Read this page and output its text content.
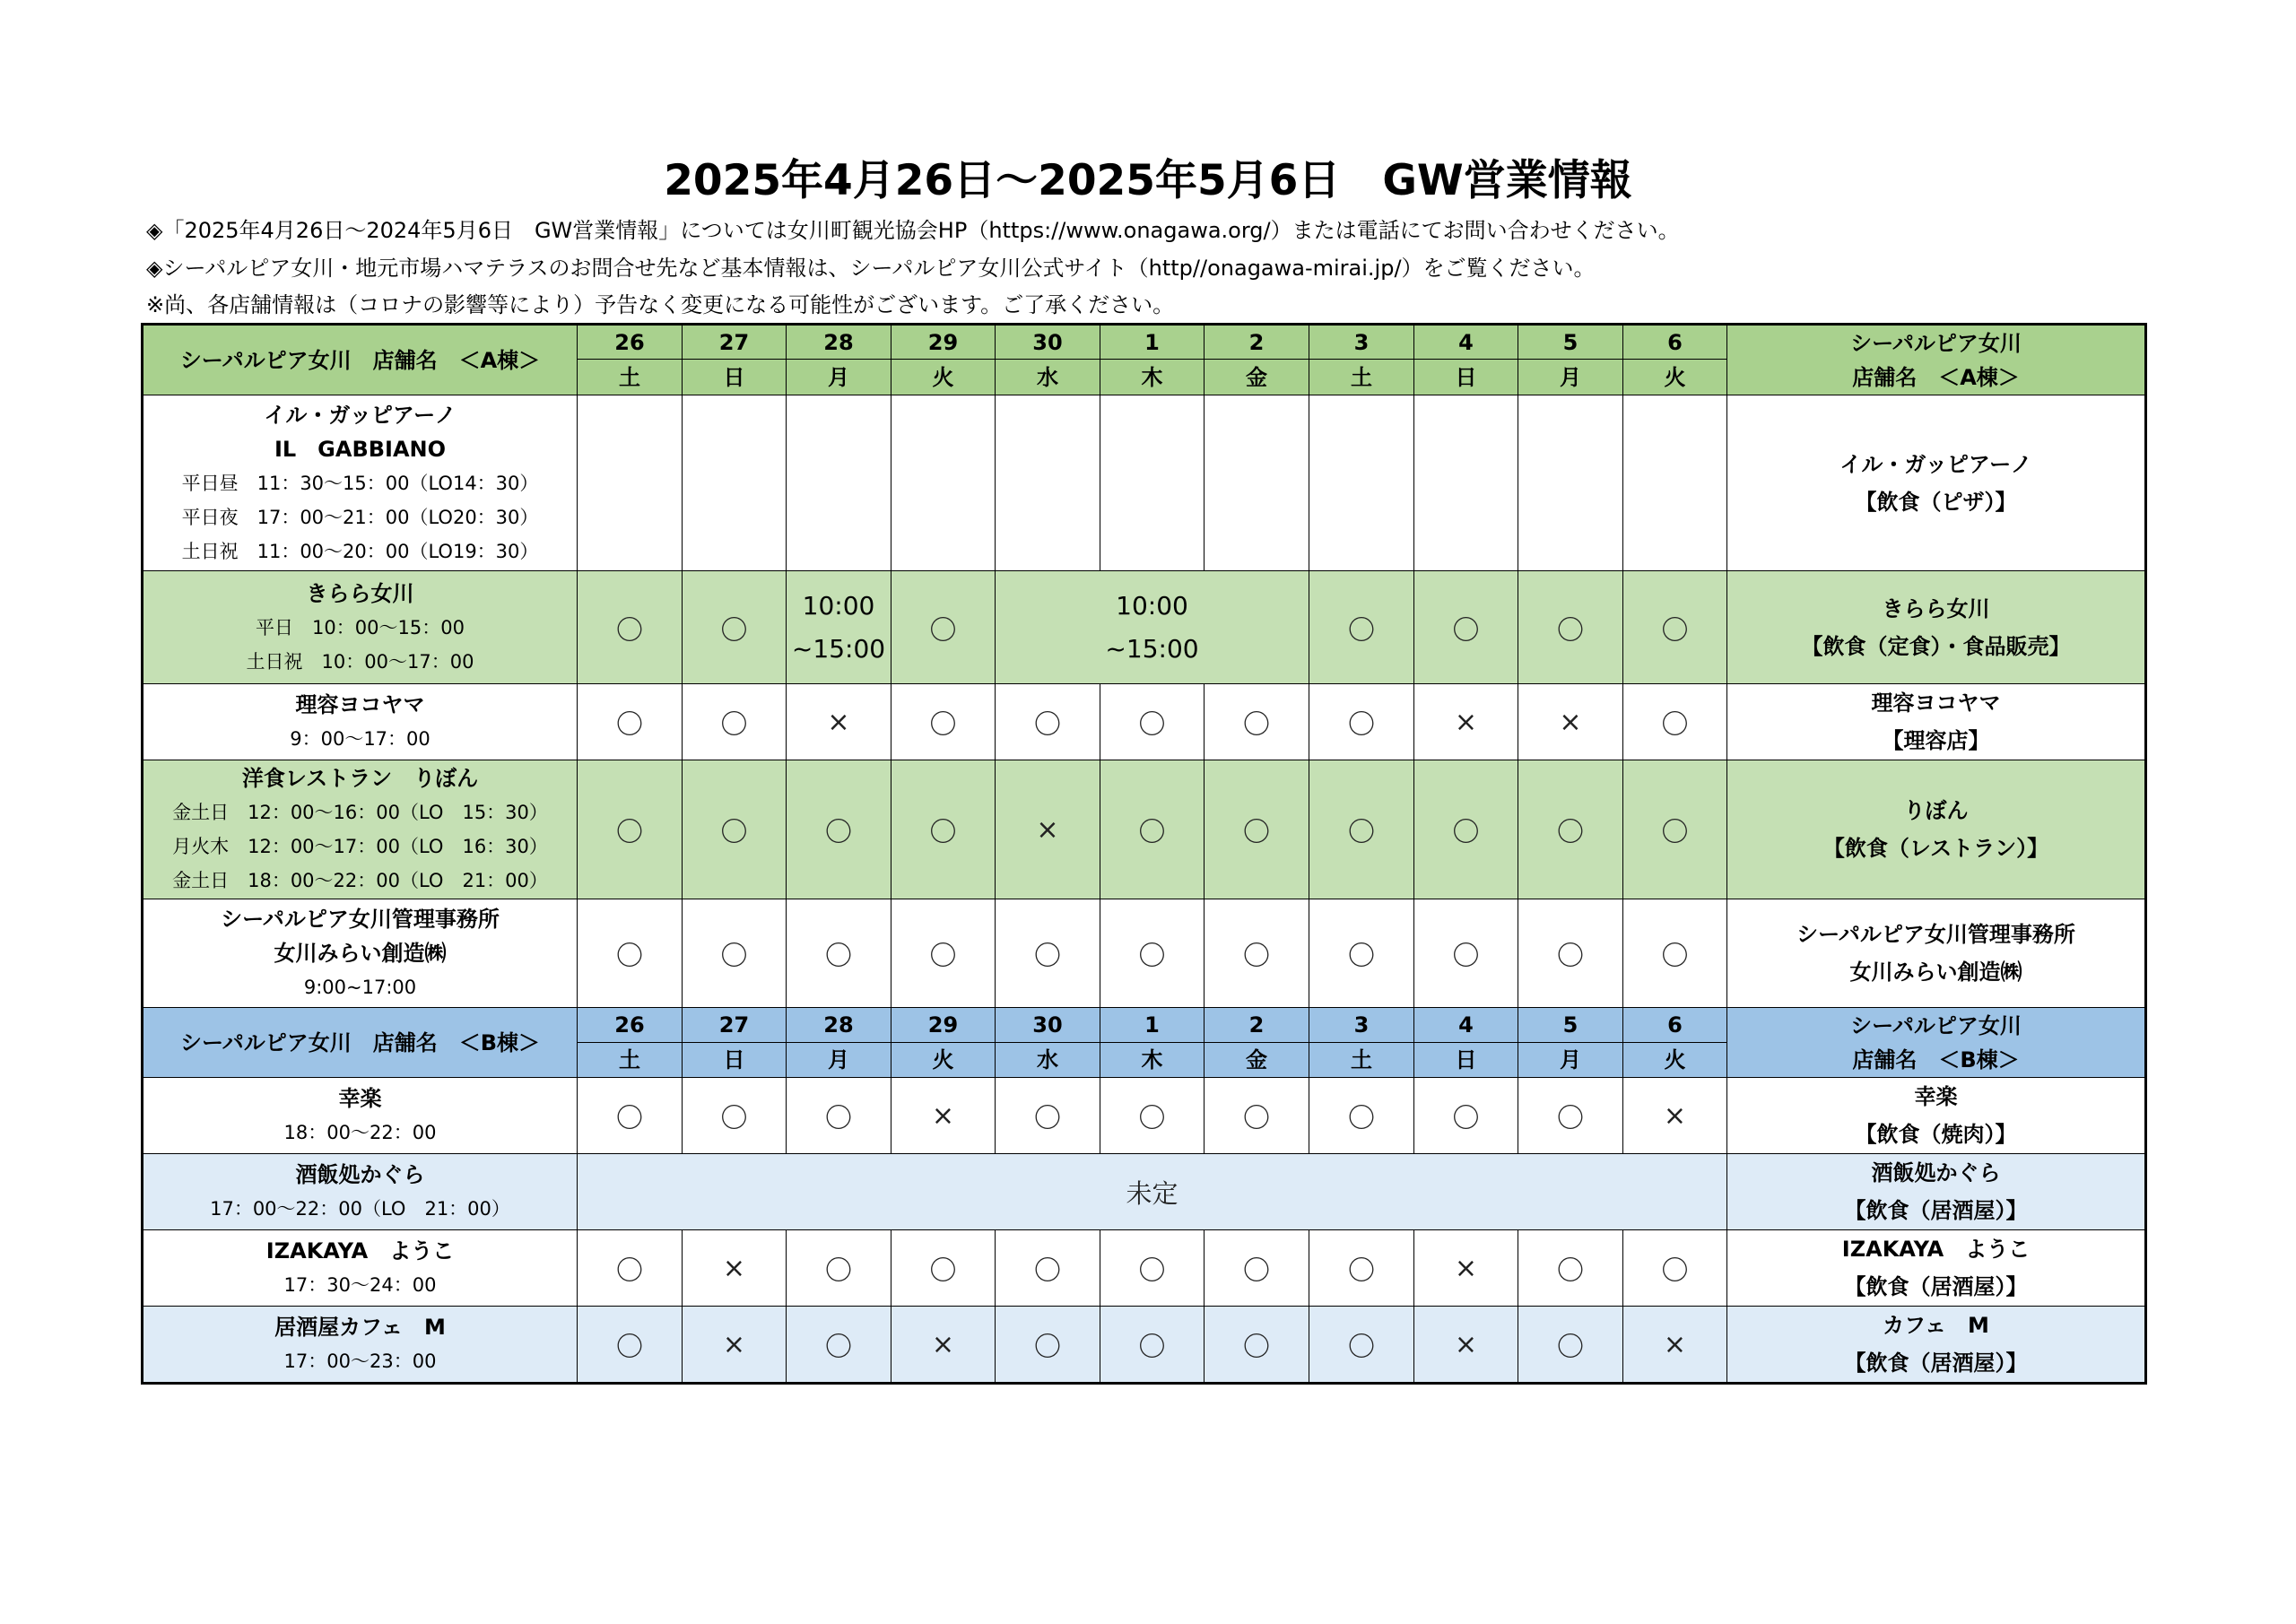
2025年4月26日～2025年5月6日　GW営業情報
◈「2025年4月26日～2024年5月6日　GW営業情報」については女川町観光協会HP（https://www.onagawa.org/）または電話にてお問い合わせください。
◈シーパルピア女川・地元市場ハマテラスのお問合せ先など基本情報は、シーパルピア女川公式サイト（http//onagawa-mirai.jp/）をご覧ください。
※尚、各店舗情報は（コロナの影響等により）予告なく変更になる可能性がございます。ご了承ください。
シーパルピア女川　店舗名　＜A棟＞	26	27	28	29	30	1	2	3	4	5	6	シーパルピア女川
店舗名　＜A棟＞

	土	日	月	火	水	木	金	土	日	月	火	

イル・ガッピアーノ
IL　GABBIANO
平日昼　11：30～15：00（LO14：30）
平日夜　17：00～21：00（LO20：30）
土日祝　11：00～20：00（LO19：30）												イル・ガッピアーノ
【飲食（ピザ）】

きらら女川
平日　10：00～15：00
土日祝　10：00～17：00	〇	〇	10:00
~15:00	〇	10:00
~15:00			〇	〇	〇	〇	きらら女川
【飲食（定食）・食品販売】

理容ヨコヤマ
9：00～17：00	〇	〇	×	〇	〇	〇	〇	〇	×	×	〇	理容ヨコヤマ
【理容店】

洋食レストラン　りぼん
金土日　12：00～16：00（LO　15：30）
月火木　12：00～17：00（LO　16：30）
金土日　18：00～22：00（LO　21：00）	〇	〇	〇	〇	×	〇	〇	〇	〇	〇	〇	りぼん
【飲食（レストラン）】

シーパルピア女川管理事務所
女川みらい創造㈱
9:00~17:00	〇	〇	〇	〇	〇	〇	〇	〇	〇	〇	〇	シーパルピア女川管理事務所
女川みらい創造㈱

シーパルピア女川　店舗名　＜B棟＞	26	27	28	29	30	1	2	3	4	5	6	シーパルピア女川
店舗名　＜B棟＞

	土	日	月	火	水	木	金	土	日	月	火	

幸楽
18：00～22：00	〇	〇	〇	×	〇	〇	〇	〇	〇	〇	×	幸楽
【飲食（焼肉）】

酒飯処かぐら
17：00～22：00（LO　21：00）	未定											酒飯処かぐら
【飲食（居酒屋）】

IZAKAYA　ようこ
17：30～24：00	〇	×	〇	〇	〇	〇	〇	〇	×	〇	〇	IZAKAYA　ようこ
【飲食（居酒屋）】

居酒屋カフェ　M
17：00～23：00	〇	×	〇	×	〇	〇	〇	〇	×	〇	×	カフェ　M
【飲食（居酒屋）】
